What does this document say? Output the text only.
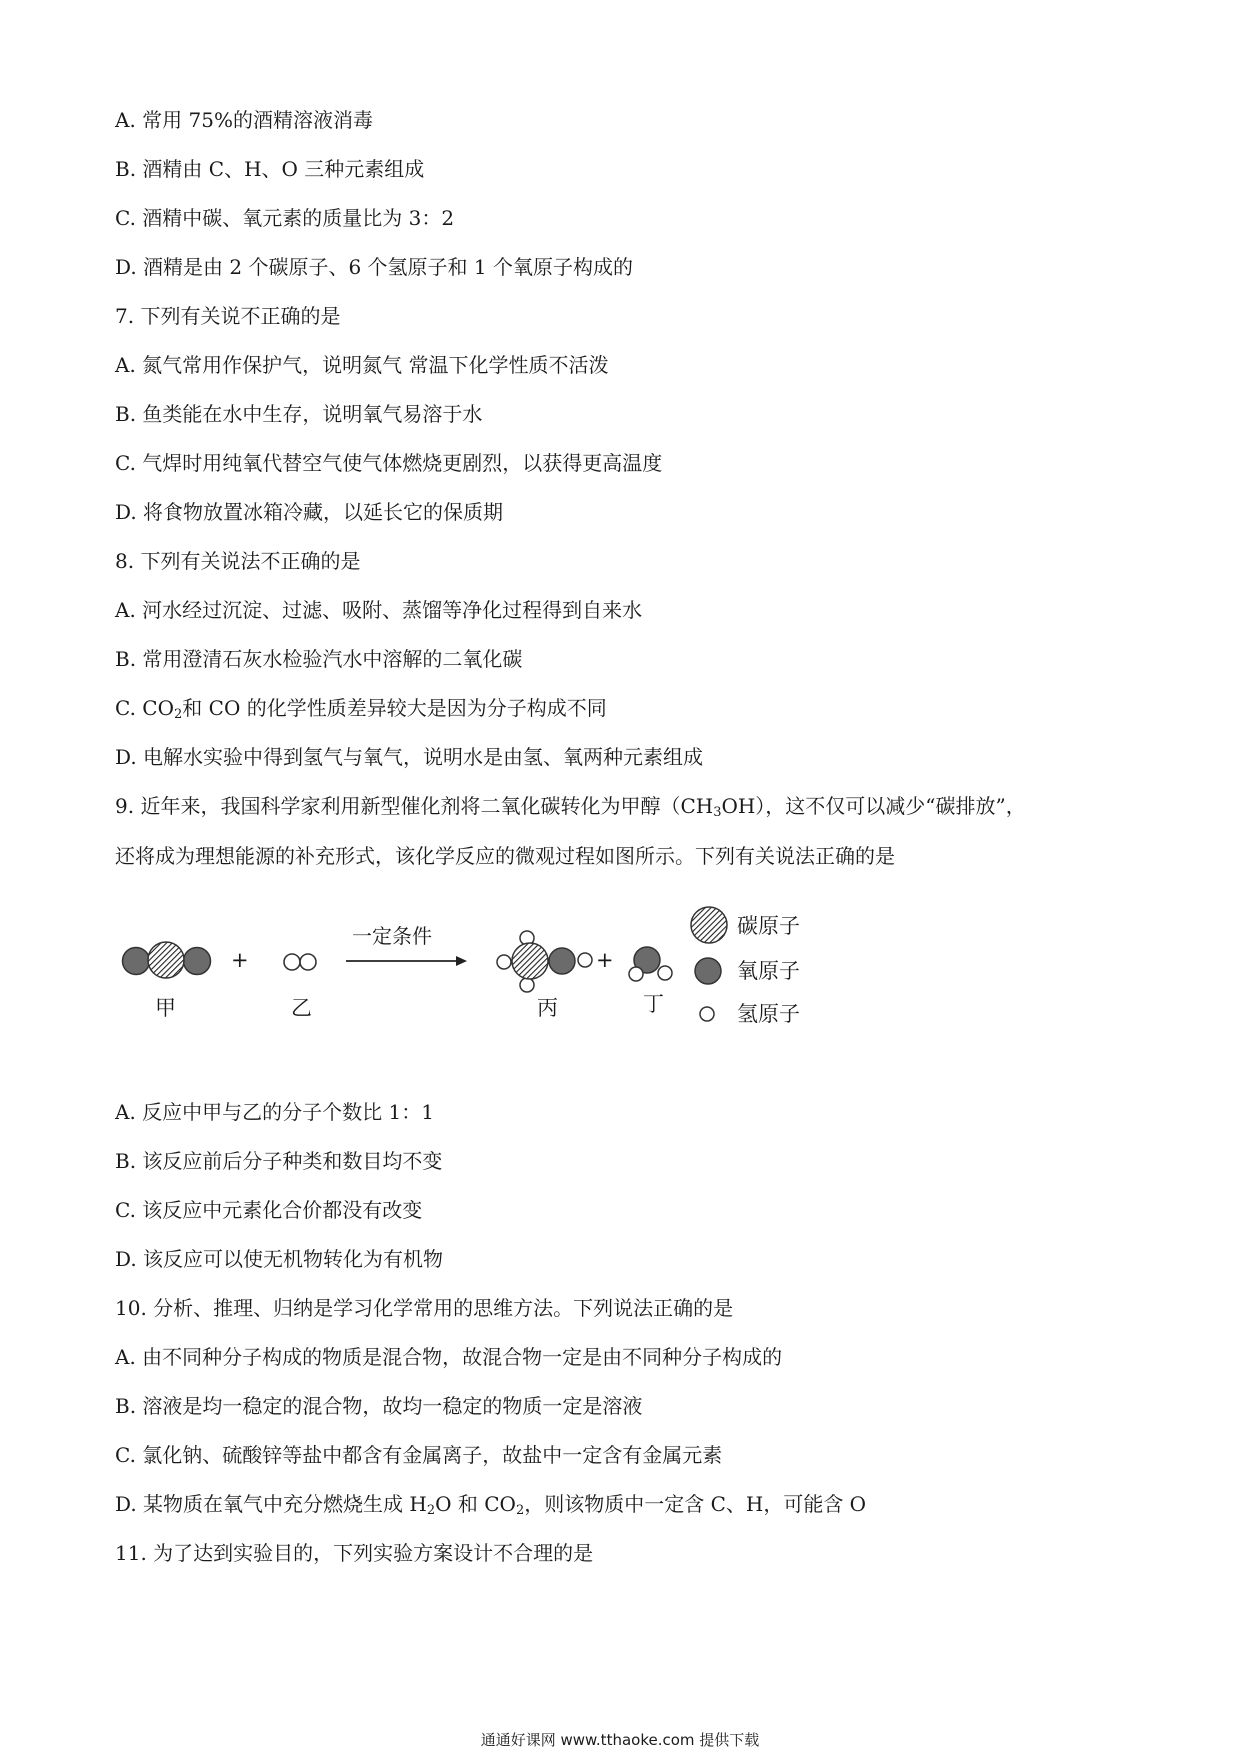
A. 常用 75%的酒精溶液消毒
B. 酒精由 C、H、O 三种元素组成
C. 酒精中碳、氧元素的质量比为 3：2
D. 酒精是由 2 个碳原子、6 个氢原子和 1 个氧原子构成的
7. 下列有关说不正确的是
A. 氮气常用作保护气，说明氮气 常温下化学性质不活泼
B. 鱼类能在水中生存，说明氧气易溶于水
C. 气焊时用纯氧代替空气使气体燃烧更剧烈，以获得更高温度
D. 将食物放置冰箱冷藏，以延长它的保质期
8. 下列有关说法不正确的是
A. 河水经过沉淀、过滤、吸附、蒸馏等净化过程得到自来水
B. 常用澄清石灰水检验汽水中溶解的二氧化碳
C. $CO_2$和 CO 的化学性质差异较大是因为分子构成不同
D. 电解水实验中得到氢气与氧气，说明水是由氢、氧两种元素组成
9. 近年来，我国科学家利用新型催化剂将二氧化碳转化为甲醇$(CH_3OH)$，这不仅可以减少“碳排放”，
还将成为理想能源的补充形式，该化学反应的微观过程如图所示。下列有关说法正确的是
+	+
一定条件
甲	乙	丙	丁
碳原子
氧原子
氢原子
A. 反应中甲与乙的分子个数比 1：1
B. 该反应前后分子种类和数目均不变
C. 该反应中元素化合价都没有改变
D. 该反应可以使无机物转化为有机物
10. 分析、推理、归纳是学习化学常用的思维方法。下列说法正确的是
A. 由不同种分子构成的物质是混合物，故混合物一定是由不同种分子构成的
B. 溶液是均一稳定的混合物，故均一稳定的物质一定是溶液
C. 氯化钠、硫酸锌等盐中都含有金属离子，故盐中一定含有金属元素
D. 某物质在氧气中充分燃烧生成 $H_2O$ 和 $CO_2$，则该物质中一定含 C、H，可能含 O
11. 为了达到实验目的，下列实验方案设计不合理的是
通通好课网 www.tthaoke.com 提供下载
